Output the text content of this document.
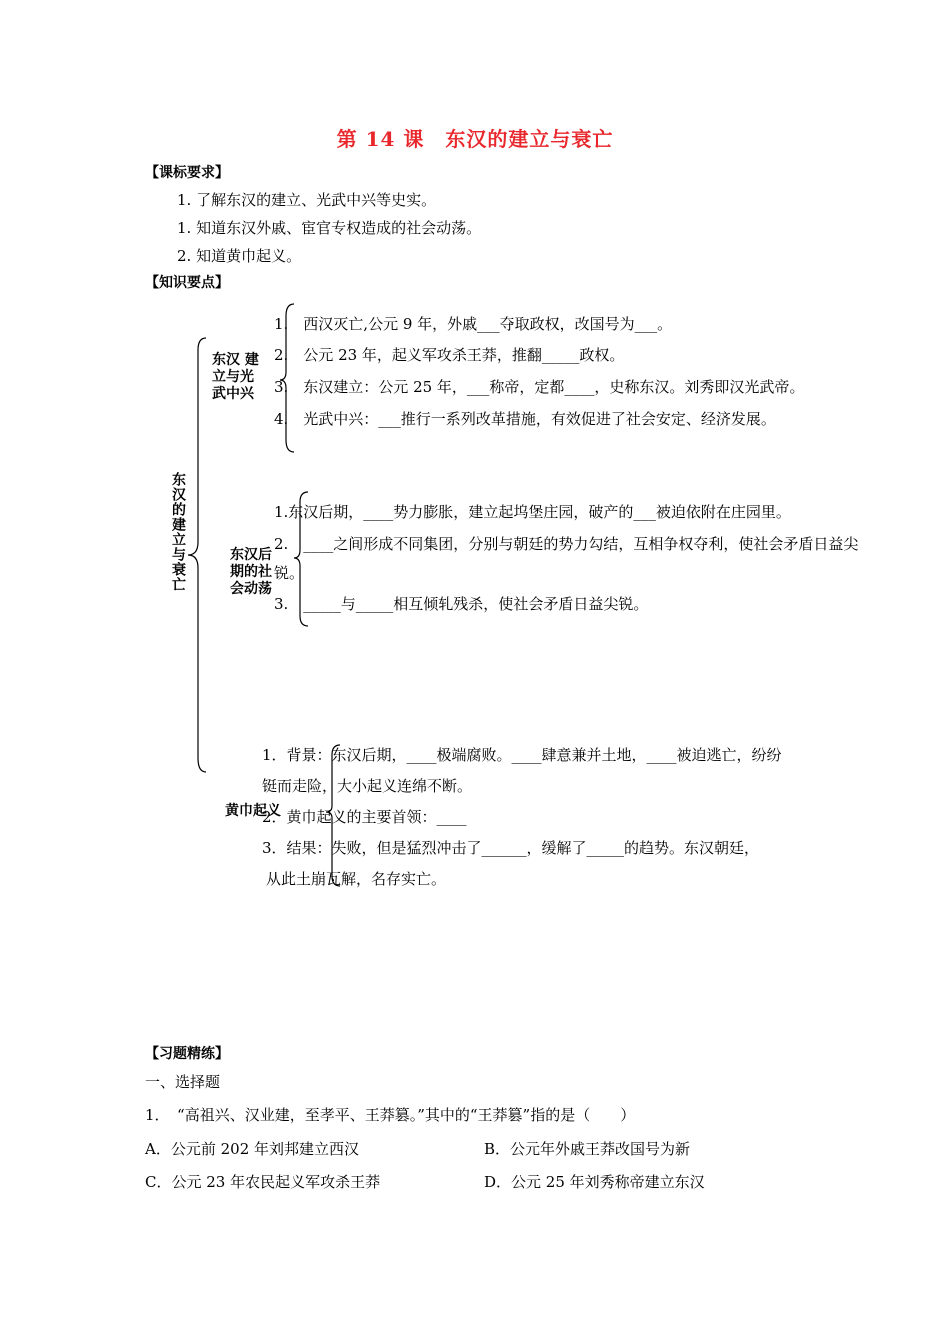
第 14 课　东汉的建立与衰亡
【课标要求】
1. 了解东汉的建立、光武中兴等史实。
1. 知道东汉外戚、宦官专权造成的社会动荡。
2. 知道黄巾起义。
【知识要点】
东汉的建立与衰亡
东汉 建
立与光
武中兴
1.　西汉灭亡,公元 9 年，外戚___夺取政权，改国号为___。
2.　公元 23 年，起义军攻杀王莽，推翻_____政权。
3.　东汉建立：公元 25 年，___称帝，定都____，史称东汉。刘秀即汉光武帝。
4.　光武中兴：___推行一系列改革措施，有效促进了社会安定、经济发展。
东汉后
期的社
会动荡
1.东汉后期，____势力膨胀，建立起坞堡庄园，破产的___被迫依附在庄园里。
2.　____之间形成不同集团，分别与朝廷的势力勾结，互相争权夺利，使社会矛盾日益尖
锐。
3.　_____与_____相互倾轧残杀，使社会矛盾日益尖锐。
黄巾起义
1．背景：东汉后期，____极端腐败。____肆意兼并土地，____被迫逃亡，纷纷
铤而走险，大小起义连绵不断。
2．黄巾起义的主要首领：____
3．结果：失败，但是猛烈冲击了______，缓解了_____的趋势。东汉朝廷，
从此土崩瓦解，名存实亡。
【习题精练】
一、选择题
1．　“高祖兴、汉业建，至孝平、王莽篡。”其中的“王莽篡”指的是（　　）
A．公元前 202 年刘邦建立西汉	B．公元年外戚王莽改国号为新
C．公元 23 年农民起义军攻杀王莽	D．公元 25 年刘秀称帝建立东汉
